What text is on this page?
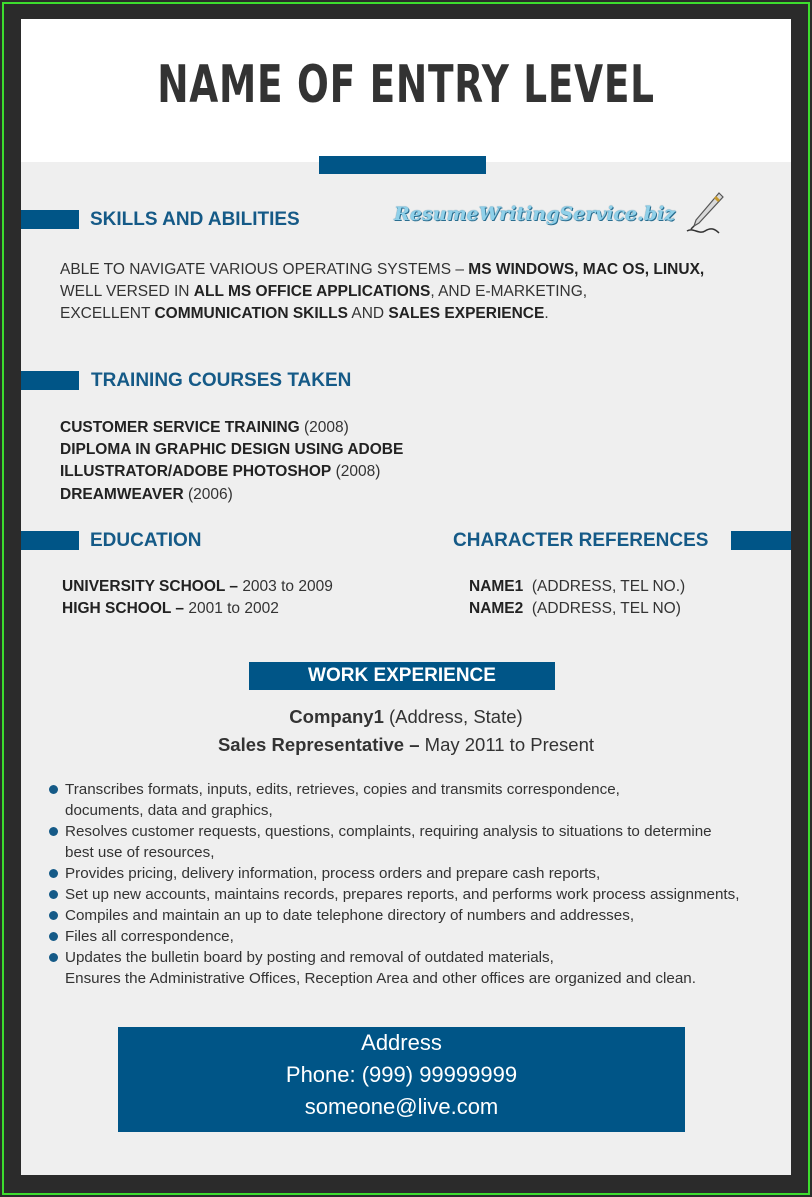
NAME OF ENTRY LEVEL
SKILLS AND ABILITIES	ResumeWritingService.biz
ABLE TO NAVIGATE VARIOUS OPERATING SYSTEMS – MS WINDOWS, MAC OS, LINUX,
WELL VERSED IN ALL MS OFFICE APPLICATIONS, AND E-MARKETING,
EXCELLENT COMMUNICATION SKILLS AND SALES EXPERIENCE.
TRAINING COURSES TAKEN
CUSTOMER SERVICE TRAINING (2008)
DIPLOMA IN GRAPHIC DESIGN USING ADOBE
ILLUSTRATOR/ADOBE PHOTOSHOP (2008)
DREAMWEAVER (2006)
EDUCATION
UNIVERSITY SCHOOL – 2003 to 2009
HIGH SCHOOL – 2001 to 2002
CHARACTER REFERENCES
NAME1  (ADDRESS, TEL NO.)
NAME2  (ADDRESS, TEL NO)
WORK EXPERIENCE
Company1 (Address, State)
Sales Representative – May 2011 to Present
Transcribes formats, inputs, edits, retrieves, copies and transmits correspondence,
documents, data and graphics,
Resolves customer requests, questions, complaints, requiring analysis to situations to determine
best use of resources,
Provides pricing, delivery information, process orders and prepare cash reports,
Set up new accounts, maintains records, prepares reports, and performs work process assignments,
Compiles and maintain an up to date telephone directory of numbers and addresses,
Files all correspondence,
Updates the bulletin board by posting and removal of outdated materials,
Ensures the Administrative Offices, Reception Area and other offices are organized and clean.
Address
Phone: (999) 99999999
someone@live.com
